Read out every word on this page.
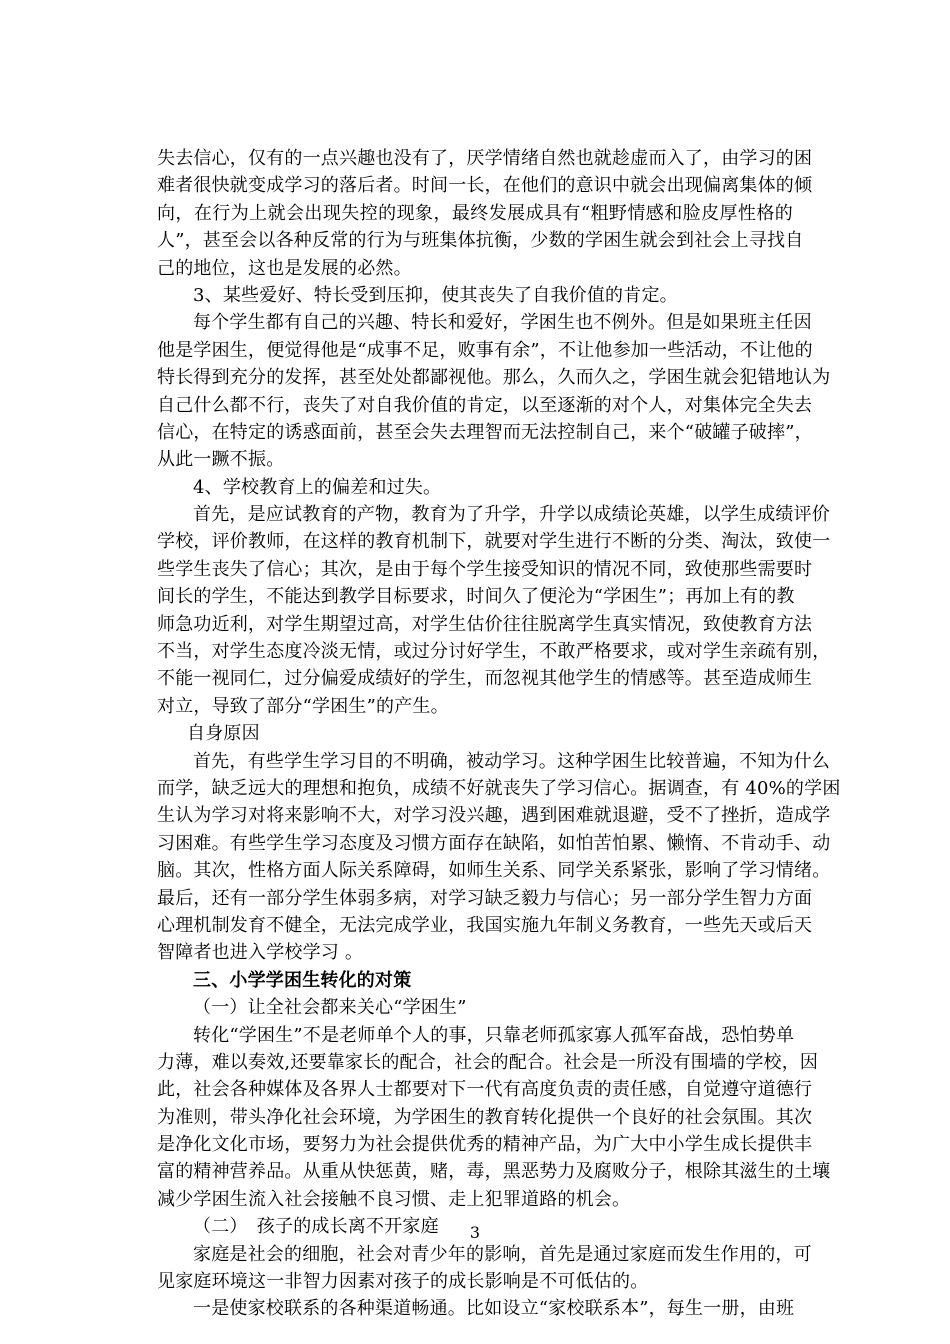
失去信心，仅有的一点兴趣也没有了，厌学情绪自然也就趁虚而入了，由学习的困
难者很快就变成学习的落后者。时间一长，在他们的意识中就会出现偏离集体的倾
向，在行为上就会出现失控的现象，最终发展成具有“粗野情感和脸皮厚性格的
人”，甚至会以各种反常的行为与班集体抗衡，少数的学困生就会到社会上寻找自
己的地位，这也是发展的必然。
3、某些爱好、特长受到压抑，使其丧失了自我价值的肯定。
每个学生都有自己的兴趣、特长和爱好，学困生也不例外。但是如果班主任因
他是学困生，便觉得他是“成事不足，败事有余”，不让他参加一些活动，不让他的
特长得到充分的发挥，甚至处处都鄙视他。那么，久而久之，学困生就会犯错地认为
自己什么都不行，丧失了对自我价值的肯定，以至逐渐的对个人，对集体完全失去
信心，在特定的诱惑面前，甚至会失去理智而无法控制自己，来个“破罐子破摔”，
从此一蹶不振。
4、学校教育上的偏差和过失。
首先，是应试教育的产物，教育为了升学，升学以成绩论英雄，以学生成绩评价
学校，评价教师，在这样的教育机制下，就要对学生进行不断的分类、淘汰，致使一
些学生丧失了信心；其次，是由于每个学生接受知识的情况不同，致使那些需要时
间长的学生，不能达到教学目标要求，时间久了便沦为“学困生”；再加上有的教
师急功近利，对学生期望过高，对学生估价往往脱离学生真实情况，致使教育方法
不当，对学生态度冷淡无情，或过分讨好学生，不敢严格要求，或对学生亲疏有别，
不能一视同仁，过分偏爱成绩好的学生，而忽视其他学生的情感等。甚至造成师生
对立，导致了部分“学困生”的产生。
自身原因
首先，有些学生学习目的不明确，被动学习。这种学困生比较普遍，不知为什么
而学，缺乏远大的理想和抱负，成绩不好就丧失了学习信心。据调查，有 40%的学困
生认为学习对将来影响不大，对学习没兴趣，遇到困难就退避，受不了挫折，造成学
习困难。有些学生学习态度及习惯方面存在缺陷，如怕苦怕累、懒惰、不肯动手、动
脑。其次，性格方面人际关系障碍，如师生关系、同学关系紧张，影响了学习情绪。
最后，还有一部分学生体弱多病，对学习缺乏毅力与信心；另一部分学生智力方面
心理机制发育不健全，无法完成学业，我国实施九年制义务教育，一些先天或后天
智障者也进入学校学习 。
三、小学学困生转化的对策
（一）让全社会都来关心“学困生”
转化“学困生”不是老师单个人的事，只靠老师孤家寡人孤军奋战，恐怕势单
力薄，难以奏效,还要靠家长的配合，社会的配合。社会是一所没有围墙的学校，因
此，社会各种媒体及各界人士都要对下一代有高度负责的责任感，自觉遵守道德行
为准则，带头净化社会环境，为学困生的教育转化提供一个良好的社会氛围。其次
是净化文化市场，要努力为社会提供优秀的精神产品，为广大中小学生成长提供丰
富的精神营养品。从重从快惩黄，赌，毒，黑恶势力及腐败分子，根除其滋生的土壤
减少学困生流入社会接触不良习惯、走上犯罪道路的机会。
（二）　孩子的成长离不开家庭
家庭是社会的细胞，社会对青少年的影响，首先是通过家庭而发生作用的，可
见家庭环境这一非智力因素对孩子的成长影响是不可低估的。
一是使家校联系的各种渠道畅通。比如设立“家校联系本”，每生一册，由班
3
